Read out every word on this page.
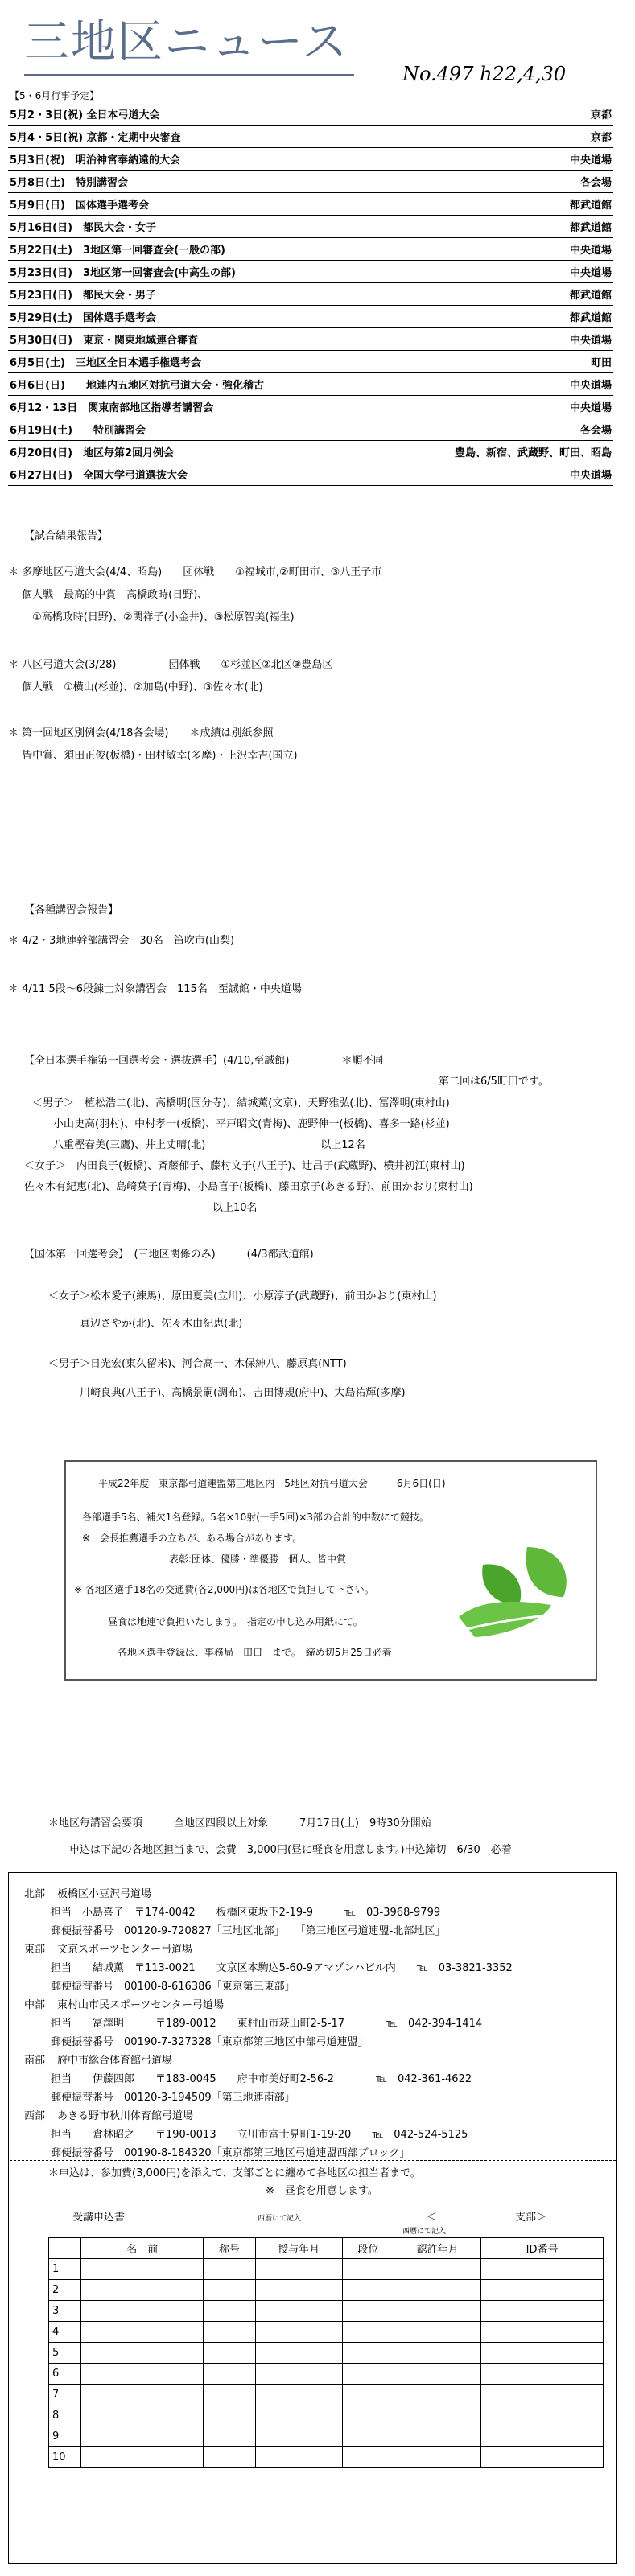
三地区ニュース
No.497 h22,4,30
【5・6月行事予定】
5月2・3日(祝) 全日本弓道大会	京都
5月4・5日(祝) 京都・定期中央審査	京都
5月3日(祝)　明治神宮奉納遠的大会	中央道場
5月8日(土)　特別講習会	各会場
5月9日(日)　国体選手選考会	都武道館
5月16日(日)　都民大会・女子	都武道館
5月22日(土)　3地区第一回審査会(一般の部)	中央道場
5月23日(日)　3地区第一回審査会(中高生の部)	中央道場
5月23日(日)　都民大会・男子	都武道館
5月29日(土)　国体選手選考会	都武道館
5月30日(日)　東京・関東地域連合審査	中央道場
6月5日(土)　三地区全日本選手権選考会	町田
6月6日(日)　　地連内五地区対抗弓道大会・強化稽古	中央道場
6月12・13日　関東南部地区指導者講習会	中央道場
6月19日(土)　　特別講習会	各会場
6月20日(日)　地区毎第2回月例会	豊島、新宿、武蔵野、町田、昭島
6月27日(日)　全国大学弓道選抜大会	中央道場
【試合結果報告】
＊ 多摩地区弓道大会(4/4、昭島)　　団体戦　　①福城市,②町田市、③八王子市
　 個人戦　最高的中賞　高橋政時(日野)、
　　 ①高橋政時(日野)、②関祥子(小金井)、③松原智美(福生)
＊ 八区弓道大会(3/28)　　　　　団体戦　　①杉並区②北区③豊島区
　 個人戦　①横山(杉並)、②加島(中野)、③佐々木(北)
＊ 第一回地区別例会(4/18各会場)　　＊成績は別紙参照
　 皆中賞、須田正俊(板橋)・田村敏幸(多摩)・上沢幸吉(国立)
【各種講習会報告】
＊ 4/2・3地連幹部講習会　30名　笛吹市(山梨)
＊ 4/11 5段〜6段錬士対象講習会　115名　至誠館・中央道場
【全日本選手権第一回選考会・選抜選手】(4/10,至誠館)　　　　　＊順不同
第二回は6/5町田です。
＜男子＞　植松浩二(北)、高橋明(国分寺)、結城薫(文京)、天野雅弘(北)、冨澤明(東村山)
　　小山史高(羽村)、中村孝一(板橋)、平戸昭文(青梅)、鹿野伸一(板橋)、喜多一路(杉並)
　　八重樫春美(三鷹)、井上丈晴(北)　　　　　　　　　　　以上12名
＜女子＞　内田良子(板橋)、斉藤郁子、藤村文子(八王子)、辻昌子(武蔵野)、横井初江(東村山)
佐々木有紀恵(北)、島崎葉子(青梅)、小島喜子(板橋)、藤田京子(あきる野)、前田かおり(東村山)
　　　　　　　　　　　　　　　　　　以上10名
【国体第一回選考会】　(三地区関係のみ)　　　(4/3都武道館)
＜女子＞松本愛子(練馬)、原田夏美(立川)、小原淳子(武蔵野)、前田かおり(東村山)
　　　真辺さやか(北)、佐々木由紀恵(北)
＜男子＞日光宏(東久留米)、河合高一、木保紳八、藤原真(NTT)
　　　川崎良典(八王子)、高橋景嗣(調布)、吉田博規(府中)、大島祐輝(多摩)
平成22年度　東京都弓道連盟第三地区内　5地区対抗弓道大会　　　6月6日(日)
各部選手5名、補欠1名登録。5名×10射(一手5回)×3部の合計的中数にて競技。
※　会長推薦選手の立ちが、ある場合があります。
　　　　　　　　　表彰:団体、優勝・準優勝　個人、皆中賞
※ 各地区選手18名の交通費(各2,000円)は各地区で負担して下さい。
　昼食は地連で負担いたします。　指定の申し込み用紙にて。
　　各地区選手登録は、事務局　田口　まで。　締め切5月25日必着
＊地区毎講習会要項　　　全地区四段以上対象　　　7月17日(土)　9時30分開始
　　申込は下記の各地区担当まで、会費　3,000円(昼に軽食を用意します。)申込締切　6/30　必着
北部 　板橋区小豆沢弓道場
　担当　小島喜子　〒174-0042　　板橋区東坂下2-19-9　　　℡　03-3968-9799
　郵便振替番号　00120-9-720827「三地区北部」　　「第三地区弓道連盟-北部地区」
東部 　文京スポーツセンター弓道場
　担当　　結城薫　〒113-0021　　文京区本駒込5-60-9アマゾンハビル内　　℡　03-3821-3352
　郵便振替番号　00100-8-616386「東京第三東部」
中部 　東村山市民スポーツセンター弓道場
　担当　　冨澤明　　　〒189-0012　　東村山市萩山町2-5-17　　　　℡　042-394-1414
　郵便振替番号　00190-7-327328「東京都第三地区中部弓道連盟」
南部 　府中市総合体育館弓道場
　担当　　伊藤四郎　　〒183-0045　　府中市美好町2-56-2　　　　℡　042-361-4622
　郵便振替番号　00120-3-194509「第三地連南部」
西部 　あきる野市秋川体育館弓道場
　担当　　倉林昭之　　〒190-0013　　立川市富士見町1-19-20　　℡　042-524-5125
　郵便振替番号　00190-8-184320「東京都第三地区弓道連盟西部ブロック」
＊申込は、参加費(3,000円)を添えて、支部ごとに纏めて各地区の担当者まで。
※　昼食を用意します。
受講申込書	＜	支部＞
西暦にて記入
西暦にて記入
	名　前	称号	授与年月	段位	認許年月	ID番号
1						
2						
3						
4						
5						
6						
7						
8						
9						
10						
